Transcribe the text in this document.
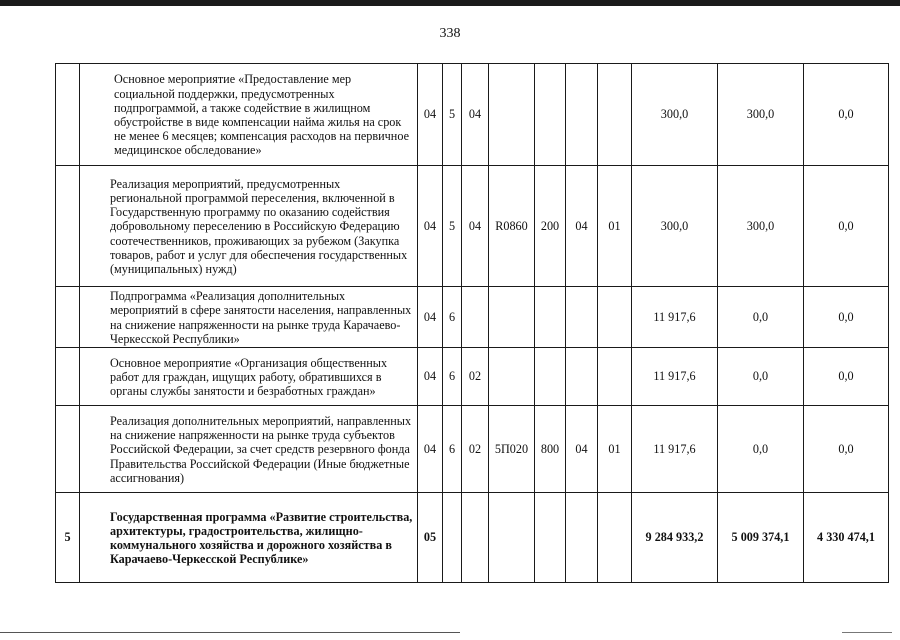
338
	Основное мероприятие «Предоставление мер социальной поддержки, предусмотренных подпрограммой, а также содействие в жилищном обустройстве в виде компенсации найма жилья на срок не менее 6 месяцев; компенсация расходов на первичное медицинское обследование»	04	5	04					300,0	300,0	0,0
	Реализация мероприятий, предусмотренных региональной программой переселения, включенной в Государственную программу по оказанию содействия добровольному переселению в Российскую Федерацию соотечественников, проживающих за рубежом (Закупка товаров, работ и услуг для обеспечения государственных (муниципальных) нужд)	04	5	04	R0860	200	04	01	300,0	300,0	0,0
	Подпрограмма «Реализация дополнительных мероприятий в сфере занятости населения, направленных на снижение напряженности на рынке труда Карачаево-Черкесской Республики»	04	6						11 917,6	0,0	0,0
	Основное мероприятие «Организация общественных работ для граждан, ищущих работу, обратившихся в органы службы занятости и безработных граждан»	04	6	02					11 917,6	0,0	0,0
	Реализация дополнительных мероприятий, направленных на снижение напряженности на рынке труда субъектов Российской Федерации, за счет средств резервного фонда Правительства Российской Федерации (Иные бюджетные ассигнования)	04	6	02	5П020	800	04	01	11 917,6	0,0	0,0
5	Государственная программа «Развитие строительства, архитектуры, градостроительства, жилищно-коммунального хозяйства и дорожного хозяйства в Карачаево-Черкесской Республике»	05							9 284 933,2	5 009 374,1	4 330 474,1
